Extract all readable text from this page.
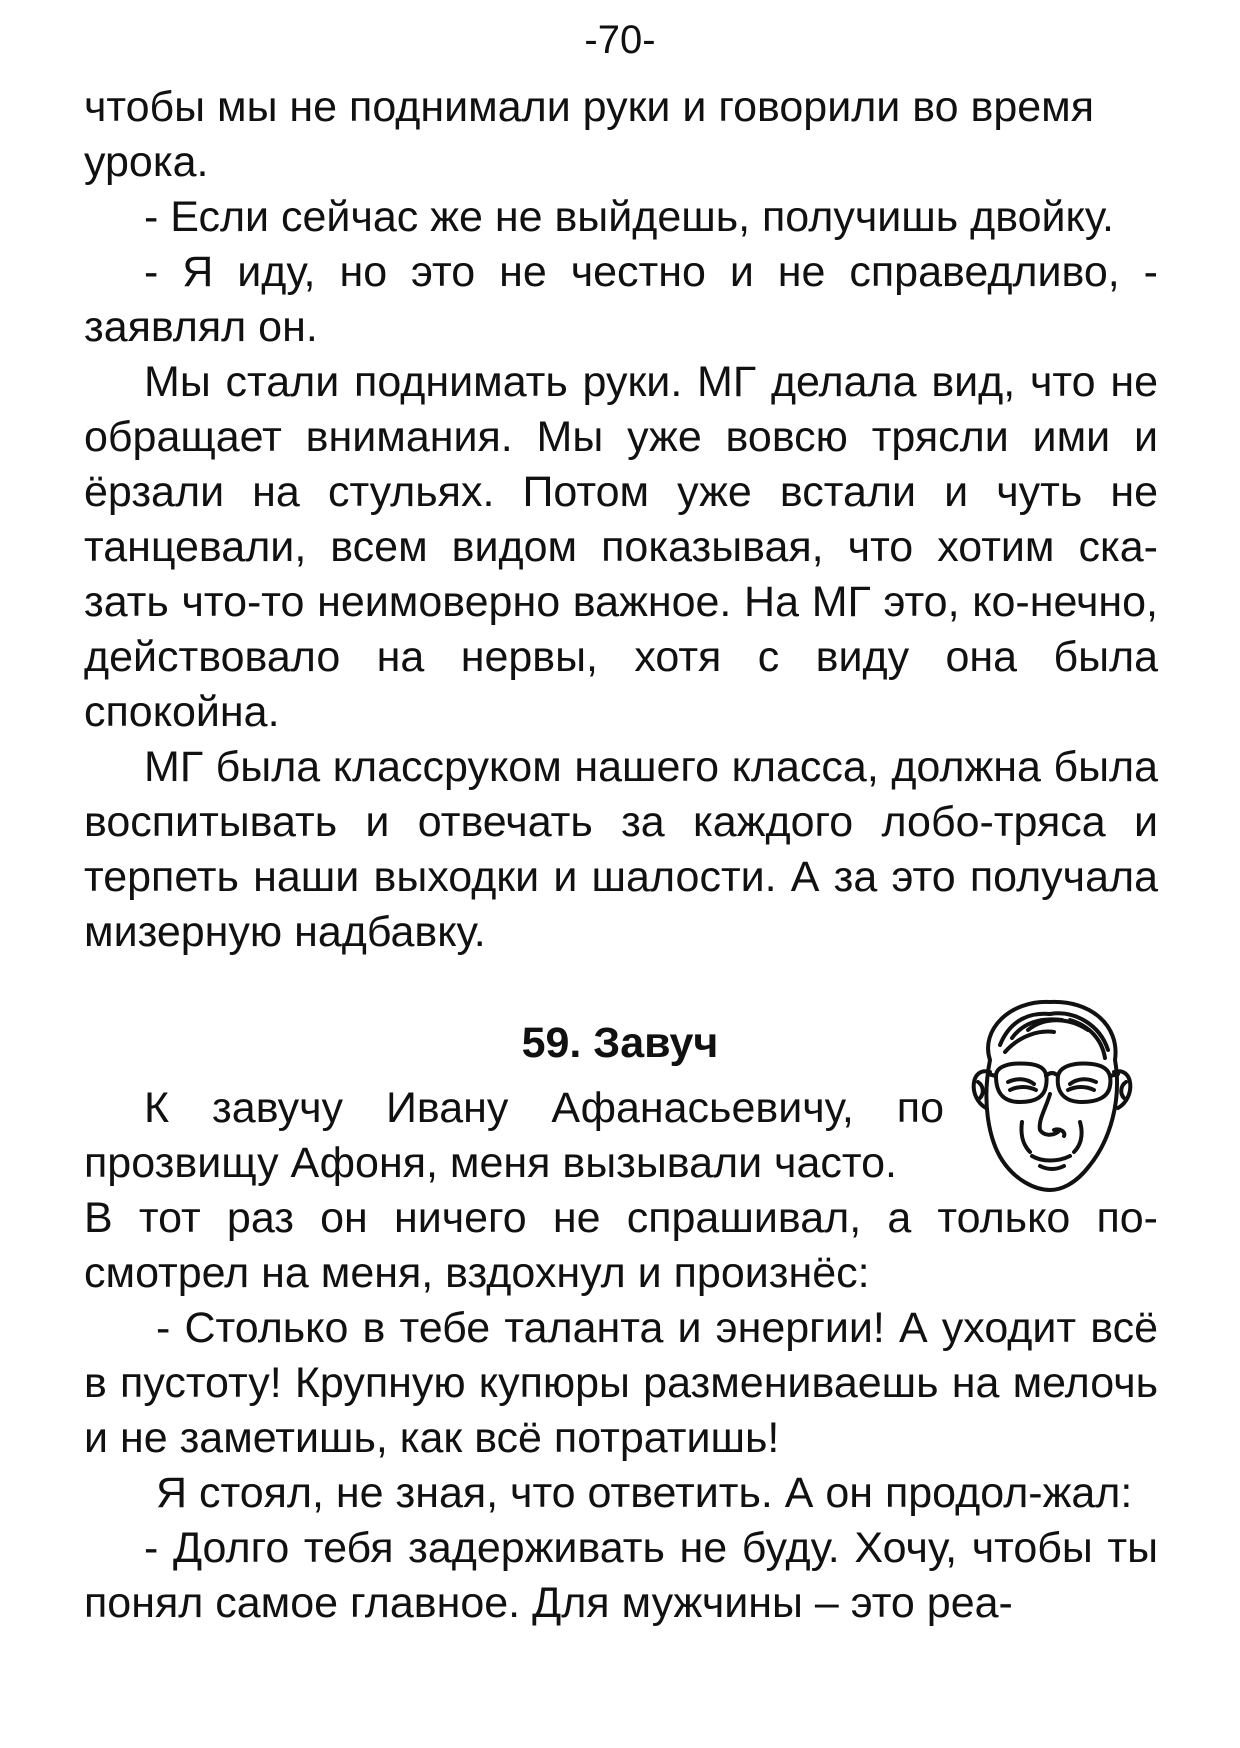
-70-

чтобы мы не поднимали руки и говорили во время урока.

- Если сейчас же не выйдешь, получишь двойку.

- Я иду, но это не честно и не справедливо, - заявлял он.

Мы стали поднимать руки. МГ делала вид, что не обращает внимания. Мы уже вовсю трясли ими и ёрзали на стульях. Потом уже встали и чуть не танцевали, всем видом показывая, что хотим ска-зать что-то неимоверно важное. На МГ это, ко-нечно, действовало на нервы, хотя с виду она была спокойна.

МГ была классруком нашего класса, должна была воспитывать и отвечать за каждого лобо-тряса и терпеть наши выходки и шалости. А за это получала мизерную надбавку.

59. Завуч

К завучу Ивану Афанасьевичу, по прозвищу Афоня, меня вызывали часто.

В тот раз он ничего не спрашивал, а только по-смотрел на меня, вздохнул и произнёс:

- Столько в тебе таланта и энергии! А уходит всё в пустоту! Крупную купюры размениваешь на мелочь и не заметишь, как всё потратишь!

Я стоял, не зная, что ответить. А он продол-жал:

- Долго тебя задерживать не буду. Хочу, чтобы ты понял самое главное. Для мужчины – это реа-
